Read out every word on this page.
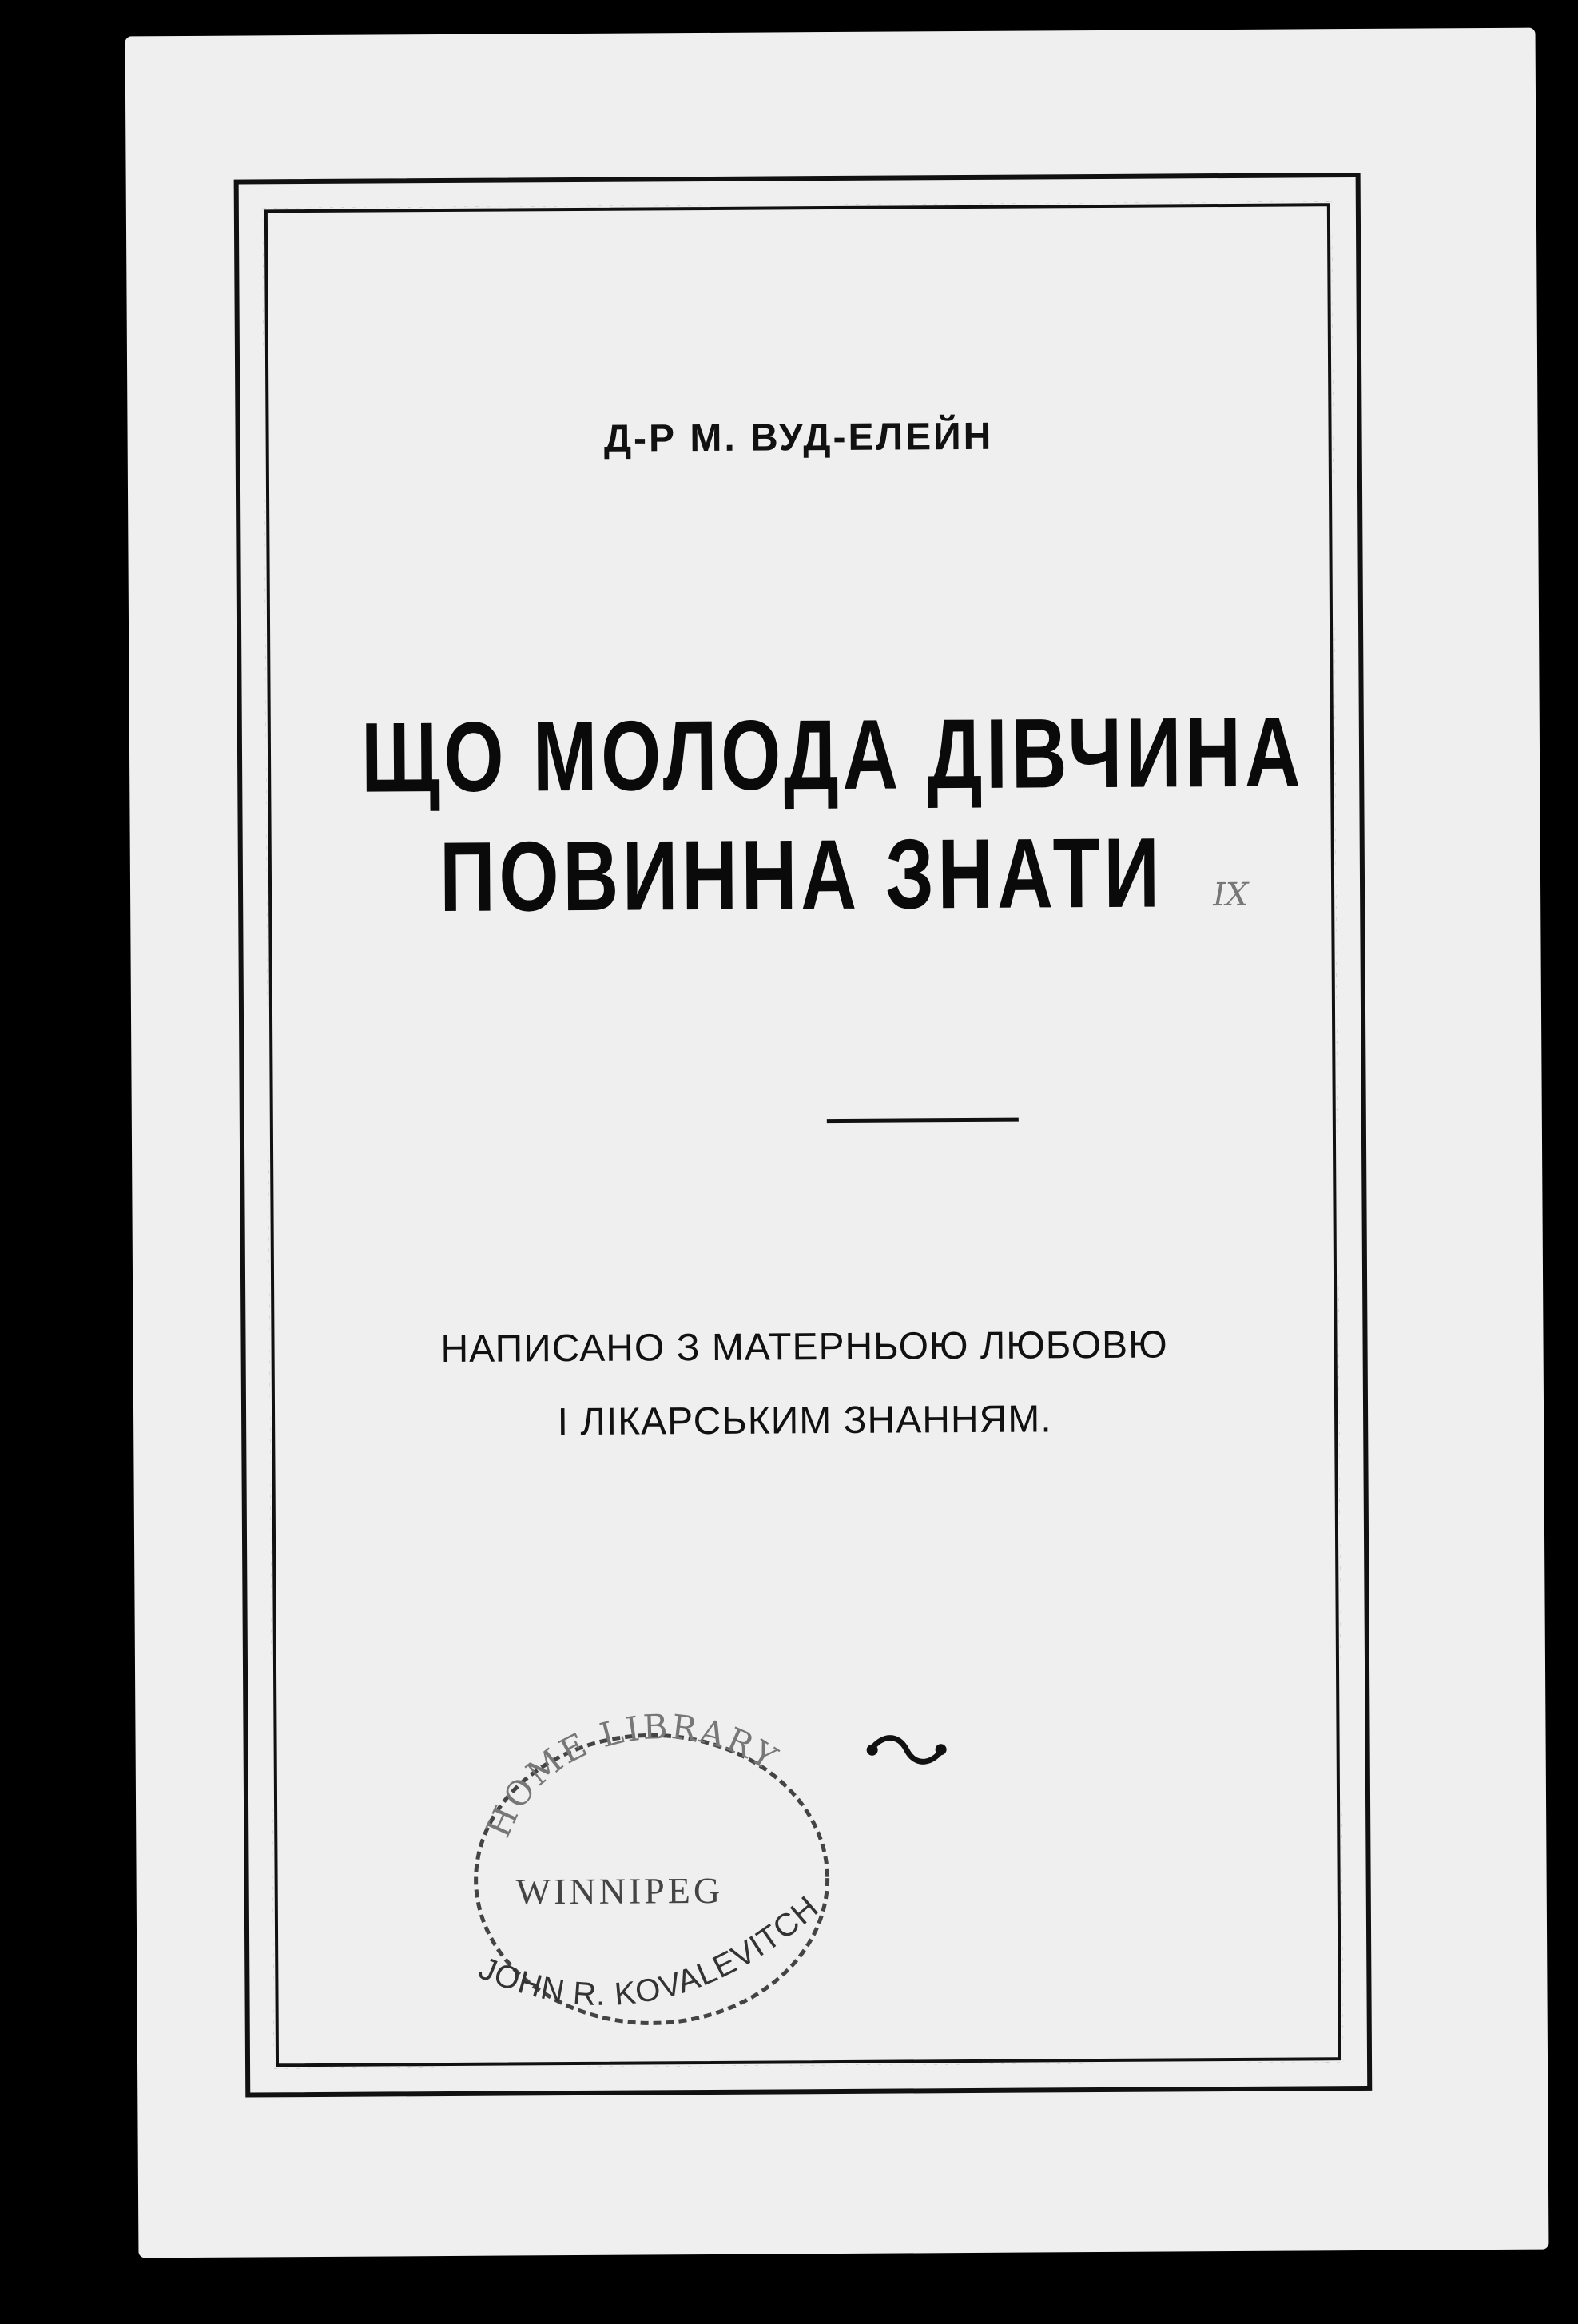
Д-Р М. ВУД-ЕЛЕЙН
ЩО МОЛОДА ДІВЧИНА
ПОВИННА ЗНАТИ	IX
НАПИСАНО З МАТЕРНЬОЮ ЛЮБОВЮ
І ЛІКАРСЬКИМ ЗНАННЯМ.
HOME LIBRARY
WINNIPEG
JOHN R. KOVALEVITCH
